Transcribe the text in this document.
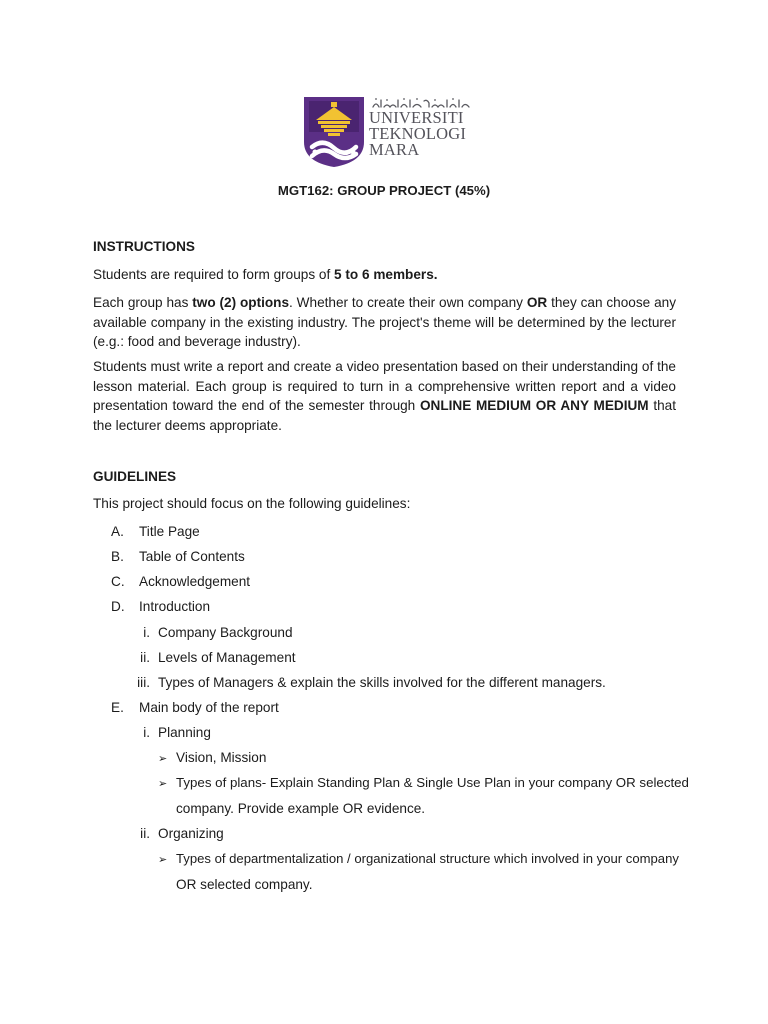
UNIVERSITI
TEKNOLOGI
MARA
MGT162: GROUP PROJECT (45%)
INSTRUCTIONS
Students are required to form groups of 5 to 6 members.
Each group has two (2) options. Whether to create their own company OR they can choose any available company in the existing industry. The project's theme will be determined by the lecturer (e.g.: food and beverage industry).
Students must write a report and create a video presentation based on their understanding of the lesson material. Each group is required to turn in a comprehensive written report and a video presentation toward the end of the semester through ONLINE MEDIUM OR ANY MEDIUM that the lecturer deems appropriate.
GUIDELINES
This project should focus on the following guidelines:
A. Title Page
B. Table of Contents
C. Acknowledgement
D. Introduction
i. Company Background
ii. Levels of Management
iii. Types of Managers & explain the skills involved for the different managers.
E. Main body of the report
i. Planning
➢ Vision, Mission
➢ Types of plans- Explain Standing Plan & Single Use Plan in your company OR selected
company. Provide example OR evidence.
ii. Organizing
➢ Types of departmentalization / organizational structure which involved in your company
OR selected company.
